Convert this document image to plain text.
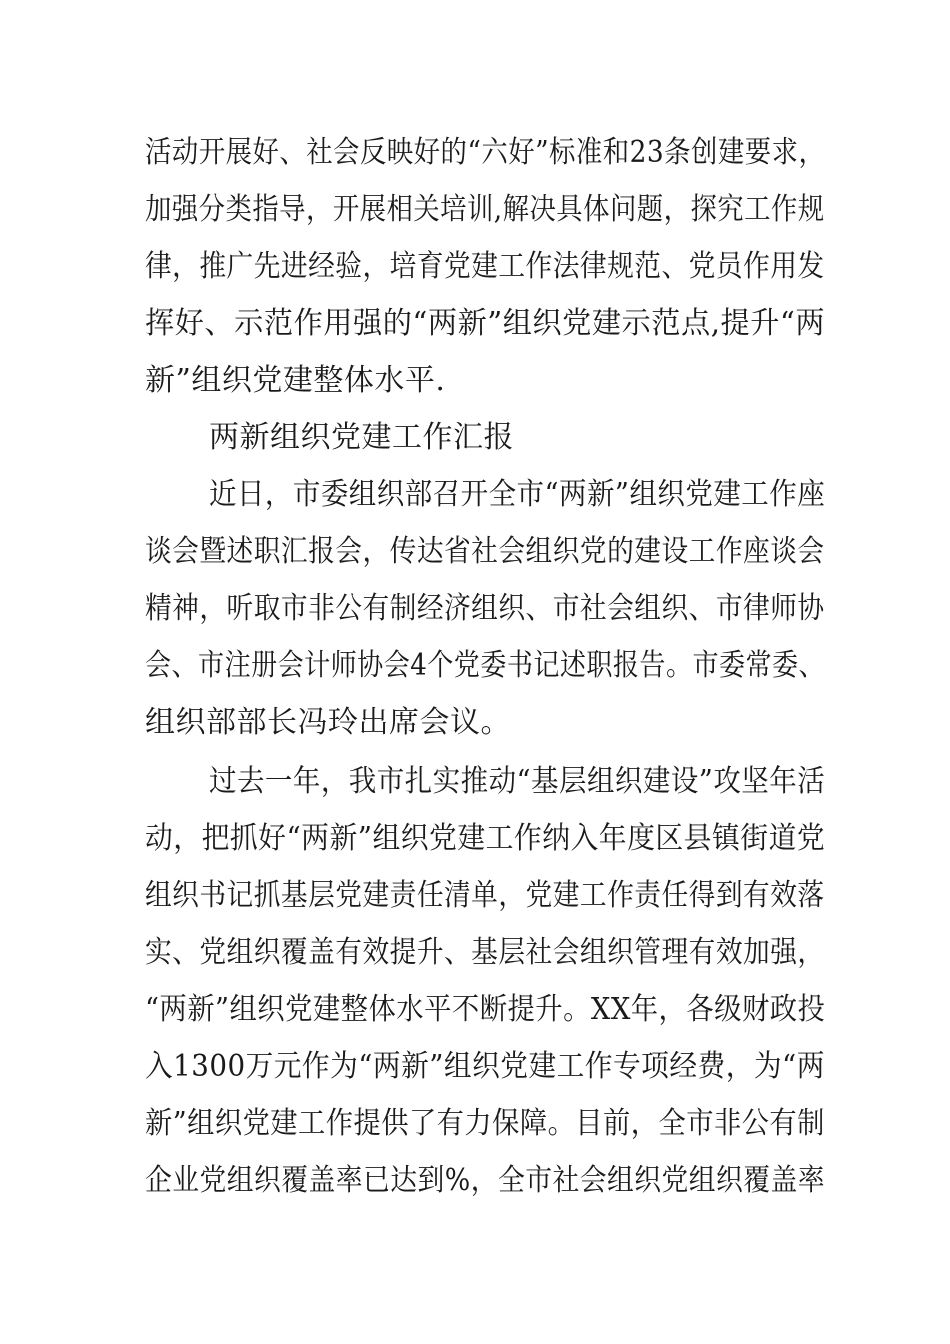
活动开展好、社会反映好的“六好”标准和23条创建要求，
加强分类指导，开展相关培训,解决具体问题，探究工作规
律，推广先进经验，培育党建工作法律规范、党员作用发
挥好、示范作用强的“两新”组织党建示范点,提升“两
新”组织党建整体水平.
两新组织党建工作汇报
近日，市委组织部召开全市“两新”组织党建工作座
谈会暨述职汇报会，传达省社会组织党的建设工作座谈会
精神，听取市非公有制经济组织、市社会组织、市律师协
会、市注册会计师协会4个党委书记述职报告。市委常委、
组织部部长冯玲出席会议。
过去一年，我市扎实推动“基层组织建设”攻坚年活
动，把抓好“两新”组织党建工作纳入年度区县镇街道党
组织书记抓基层党建责任清单，党建工作责任得到有效落
实、党组织覆盖有效提升、基层社会组织管理有效加强，
“两新”组织党建整体水平不断提升。XX年，各级财政投
入1300万元作为“两新”组织党建工作专项经费，为“两
新”组织党建工作提供了有力保障。目前，全市非公有制
企业党组织覆盖率已达到%，全市社会组织党组织覆盖率
